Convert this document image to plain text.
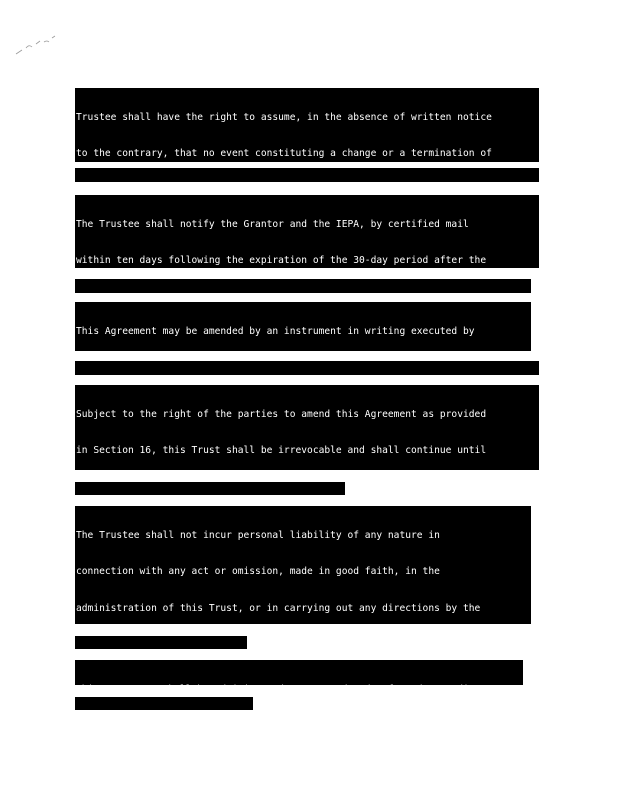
Trustee shall have the right to assume, in the absence of written notice

to the contrary, that no event constituting a change or a termination of

The Trustee shall notify the Grantor and the IEPA, by certified mail

within ten days following the expiration of the 30-day period after the

This Agreement may be amended by an instrument in writing executed by

Subject to the right of the parties to amend this Agreement as provided

in Section 16, this Trust shall be irrevocable and shall continue until

The Trustee shall not incur personal liability of any nature in

connection with any act or omission, made in good faith, in the

administration of this Trust, or in carrying out any directions by the
